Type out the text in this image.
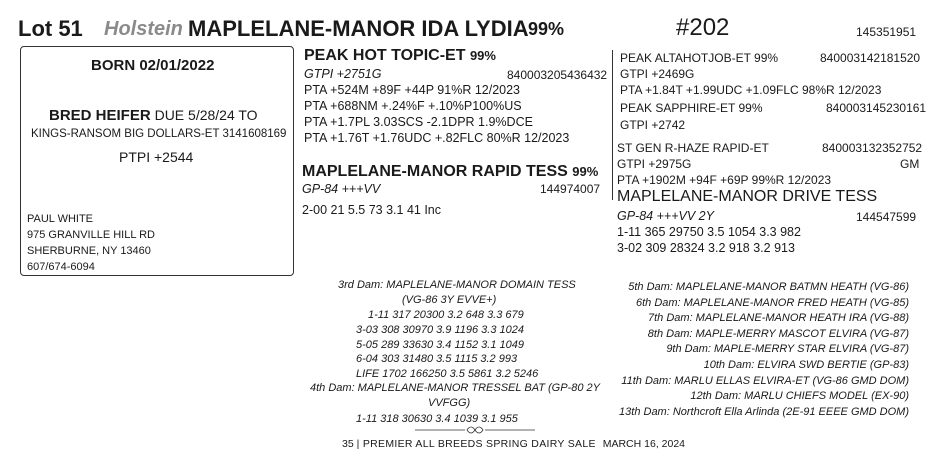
Lot 51 Holstein MAPLELANE-MANOR IDA LYDIA 99%	#202	145351951
BORN 02/01/2022
BRED HEIFER DUE 5/28/24 TO
KINGS-RANSOM BIG DOLLARS-ET 3141608169
PTPI +2544
PAUL WHITE
975 GRANVILLE HILL RD
SHERBURNE, NY 13460
607/674-6094
PEAK HOT TOPIC-ET 99%
GTPI +2751G	840003205436432
PTA +524M +89F +44P 91%R 12/2023
PTA +688NM +.24%F +.10%P100%US
PTA +1.7PL 3.03SCS -2.1DPR 1.9%DCE
PTA +1.76T +1.76UDC +.82FLC 80%R 12/2023
MAPLELANE-MANOR RAPID TESS 99%
GP-84 +++VV	144974007
2-00 21 5.5 73 3.1 41 Inc
PEAK ALTAHOTJOB-ET 99%	840003142181520
GTPI +2469G
PTA +1.84T +1.99UDC +1.09FLC 98%R 12/2023
PEAK SAPPHIRE-ET 99%	840003145230161
GTPI +2742
ST GEN R-HAZE RAPID-ET	840003132352752
GTPI +2975G	GM
PTA +1902M +94F +69P 99%R 12/2023
MAPLELANE-MANOR DRIVE TESS
GP-84 +++VV 2Y	144547599
1-11 365 29750 3.5 1054 3.3 982
3-02 309 28324 3.2 918 3.2 913
3rd Dam: MAPLELANE-MANOR DOMAIN TESS
(VG-86 3Y EVVE+)
1-11 317 20300 3.2 648 3.3 679
3-03 308 30970 3.9 1196 3.3 1024
5-05 289 33630 3.4 1152 3.1 1049
6-04 303 31480 3.5 1115 3.2 993
LIFE 1702 166250 3.5 5861 3.2 5246
4th Dam: MAPLELANE-MANOR TRESSEL BAT (GP-80 2Y
VVFGG)
1-11 318 30630 3.4 1039 3.1 955
5th Dam: MAPLELANE-MANOR BATMN HEATH (VG-86)
6th Dam: MAPLELANE-MANOR FRED HEATH (VG-85)
7th Dam: MAPLELANE-MANOR HEATH IRA (VG-88)
8th Dam: MAPLE-MERRY MASCOT ELVIRA (VG-87)
9th Dam: MAPLE-MERRY STAR ELVIRA (VG-87)
10th Dam: ELVIRA SWD BERTIE (GP-83)
11th Dam: MARLU ELLAS ELVIRA-ET (VG-86 GMD DOM)
12th Dam: MARLU CHIEFS MODEL (EX-90)
13th Dam: Northcroft Ella Arlinda (2E-91 EEEE GMD DOM)
35 | PREMIER ALL BREEDS SPRING DAIRY SALE MARCH 16, 2024
